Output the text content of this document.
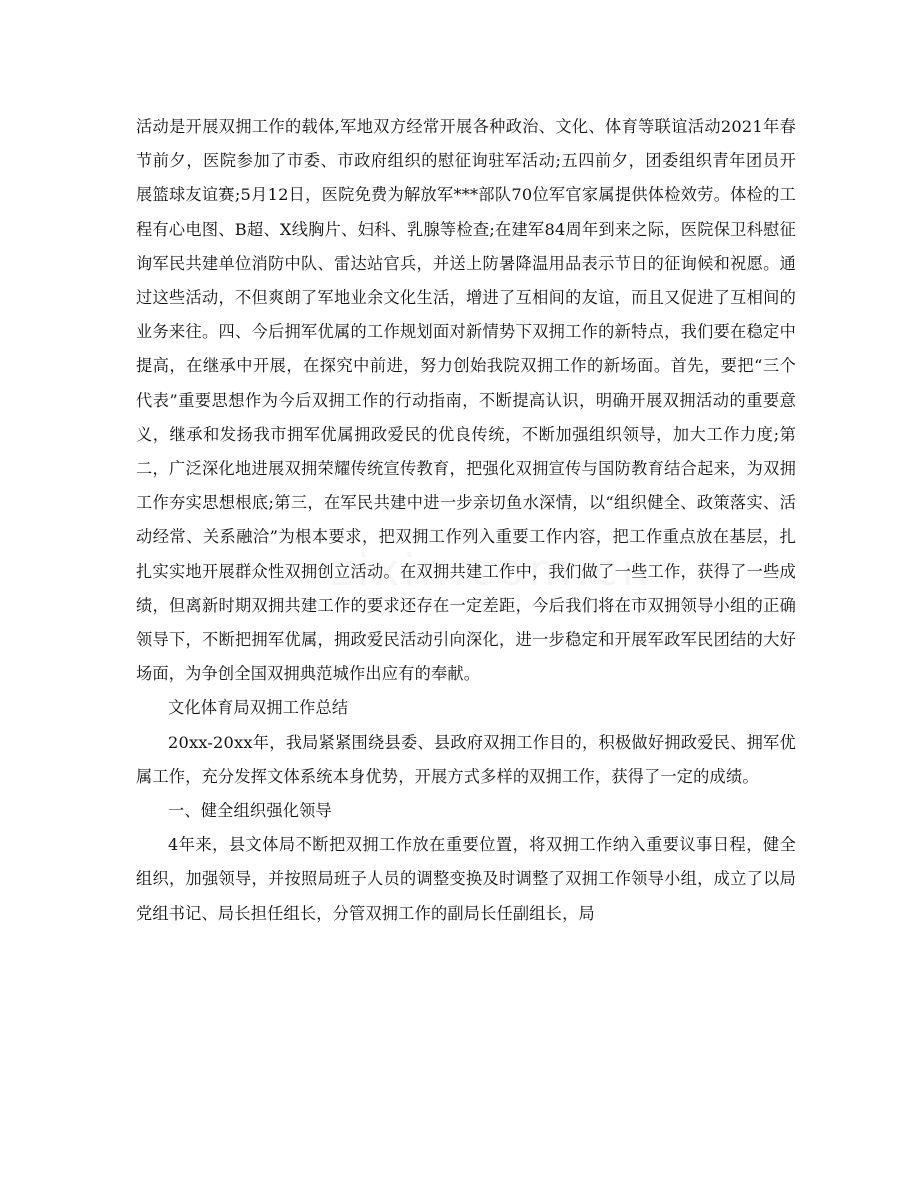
活动是开展双拥工作的载体,军地双方经常开展各种政治、文化、体育等联谊活动2021年春节前夕，医院参加了市委、市政府组织的慰征询驻军活动;五四前夕，团委组织青年团员开展篮球友谊赛;5月12日，医院免费为解放军***部队70位军官家属提供体检效劳。体检的工程有心电图、B超、X线胸片、妇科、乳腺等检查;在建军84周年到来之际，医院保卫科慰征询军民共建单位消防中队、雷达站官兵，并送上防暑降温用品表示节日的征询候和祝愿。通过这些活动，不但爽朗了军地业余文化生活，增进了互相间的友谊，而且又促进了互相间的业务来往。四、今后拥军优属的工作规划面对新情势下双拥工作的新特点，我们要在稳定中提高，在继承中开展，在探究中前进，努力创始我院双拥工作的新场面。首先，要把“三个代表”重要思想作为今后双拥工作的行动指南，不断提高认识，明确开展双拥活动的重要意义，继承和发扬我市拥军优属拥政爱民的优良传统，不断加强组织领导，加大工作力度;第二，广泛深化地进展双拥荣耀传统宣传教育，把强化双拥宣传与国防教育结合起来，为双拥工作夯实思想根底;第三，在军民共建中进一步亲切鱼水深情，以“组织健全、政策落实、活动经常、关系融洽”为根本要求，把双拥工作列入重要工作内容，把工作重点放在基层，扎扎实实地开展群众性双拥创立活动。在双拥共建工作中，我们做了一些工作，获得了一些成绩，但离新时期双拥共建工作的要求还存在一定差距，今后我们将在市双拥领导小组的正确领导下，不断把拥军优属，拥政爱民活动引向深化，进一步稳定和开展军政军民团结的大好场面，为争创全国双拥典范城作出应有的奉献。

文化体育局双拥工作总结

20xx-20xx年，我局紧紧围绕县委、县政府双拥工作目的，积极做好拥政爱民、拥军优属工作，充分发挥文体系统本身优势，开展方式多样的双拥工作，获得了一定的成绩。

一、健全组织强化领导

4年来，县文体局不断把双拥工作放在重要位置，将双拥工作纳入重要议事日程，健全组织，加强领导，并按照局班子人员的调整变换及时调整了双拥工作领导小组，成立了以局党组书记、局长担任组长，分管双拥工作的副局长任副组长，局
